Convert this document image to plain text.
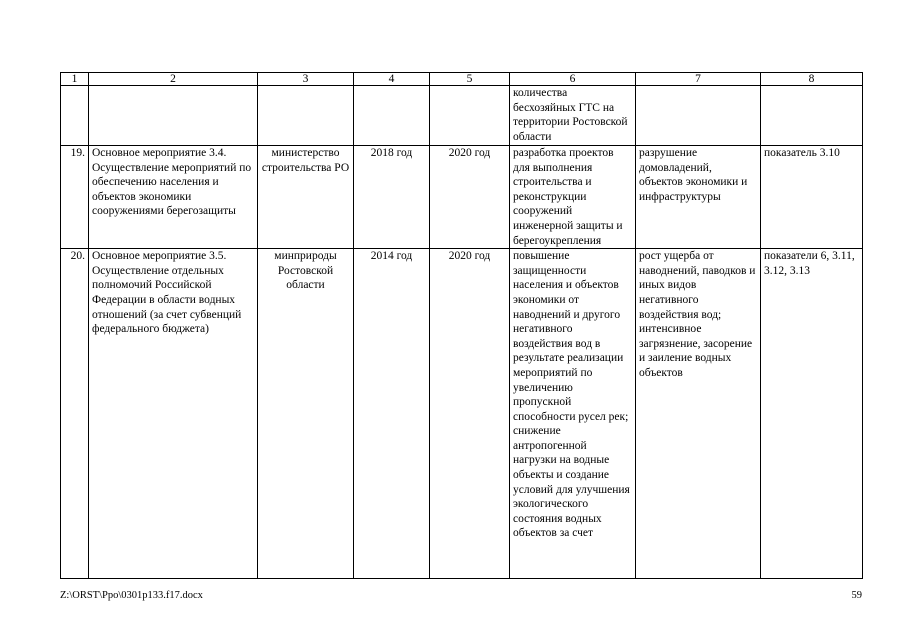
1	2	3	4	5	6	7	8
					количества бесхозяйных ГТС на территории Ростовской области		
19.	Основное мероприятие 3.4. Осуществление мероприятий по обеспечению населения и объектов экономики сооружениями берегозащиты	министерство строительства РО	2018 год	2020 год	разработка проектов для выполнения строительства и реконструкции сооружений инженерной защиты и берегоукрепления	разрушение домовладений, объектов экономики и инфраструктуры	показатель 3.10
20.	Основное мероприятие 3.5. Осуществление отдельных полномочий Российской Федерации в области водных отношений (за счет субвенций федерального бюджета)	минприроды Ростовской области	2014 год	2020 год	повышение защищенности населения и объектов экономики от наводнений и другого негативного воздействия вод в результате реализации мероприятий по увеличению пропускной способности русел рек; снижение антропогенной нагрузки на водные объекты и создание условий для улучшения экологического состояния водных объектов за счет	рост ущерба от наводнений, паводков и иных видов негативного воздействия вод; интенсивное загрязнение, засорение и заиление водных объектов	показатели 6, 3.11, 3.12, 3.13
Z:\ORST\Ppo\0301p133.f17.docx	59
